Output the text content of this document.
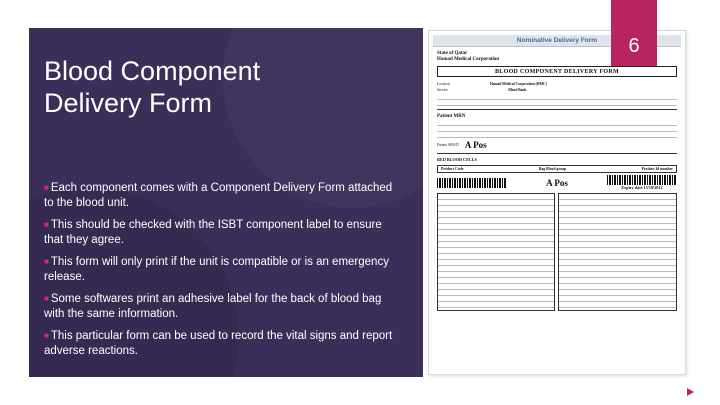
Blood Component
Delivery Form
■ Each component comes with a Component Delivery Form attached to the blood unit.
■ This should be checked with the ISBT component label to ensure that they agree.
■ This form will only print if the unit is compatible or is an emergency release.
■ Some softwares print an adhesive label for the back of blood bag with the same information.
■ This particular form can be used to record the vital signs and report adverse reactions.
Nominative Delivery Form
State of Qatar
Hamad Medical Corporation
BLOOD COMPONENT DELIVERY FORM
Location	Hamad Medical Corporation (HMC)
Service	Blood Bank
Patient MRN
Patient ABO/D A Pos
RED BLOOD CELLS
Product Code	Bag Blood group	Product Id number
A Pos	Expiry date 15/10/2012
6
